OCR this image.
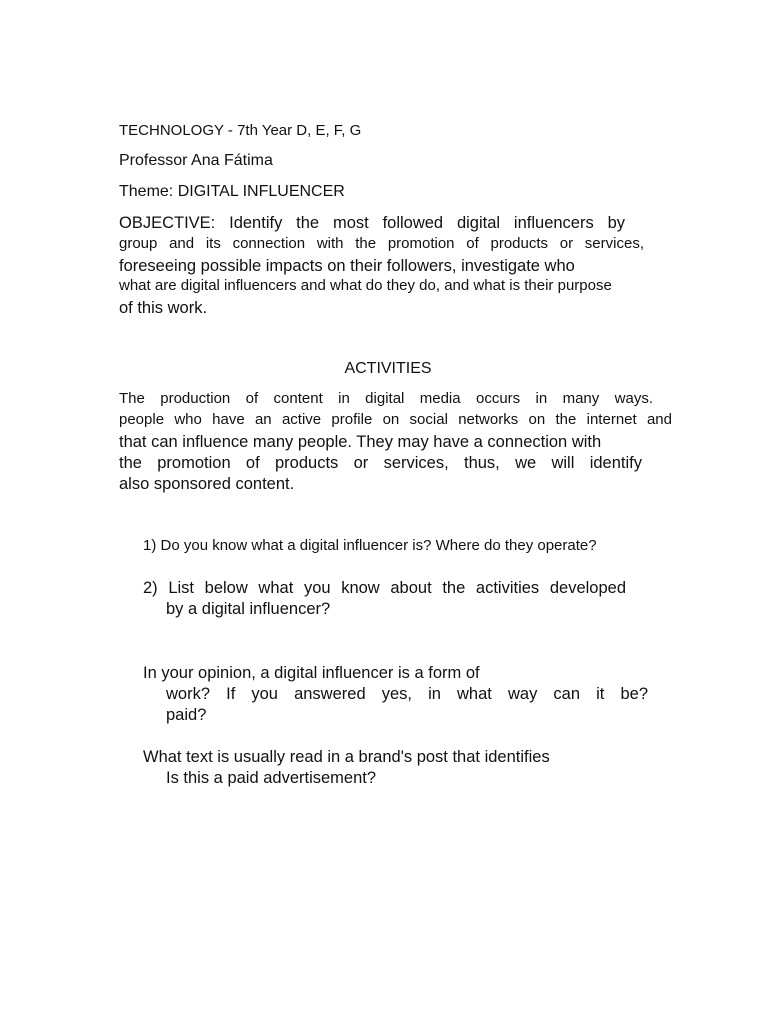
TECHNOLOGY - 7th Year D, E, F, G
Professor Ana Fátima
Theme: DIGITAL INFLUENCER
OBJECTIVE: Identify the most followed digital influencers by
group and its connection with the promotion of products or services,
foreseeing possible impacts on their followers, investigate who
what are digital influencers and what do they do, and what is their purpose
of this work.
ACTIVITIES
The production of content in digital media occurs in many ways.
people who have an active profile on social networks on the internet and
that can influence many people. They may have a connection with
the promotion of products or services, thus, we will identify
also sponsored content.
1) Do you know what a digital influencer is? Where do they operate?
2) List below what you know about the activities developed
by a digital influencer?
In your opinion, a digital influencer is a form of
work? If you answered yes, in what way can it be?
paid?
What text is usually read in a brand's post that identifies
Is this a paid advertisement?
